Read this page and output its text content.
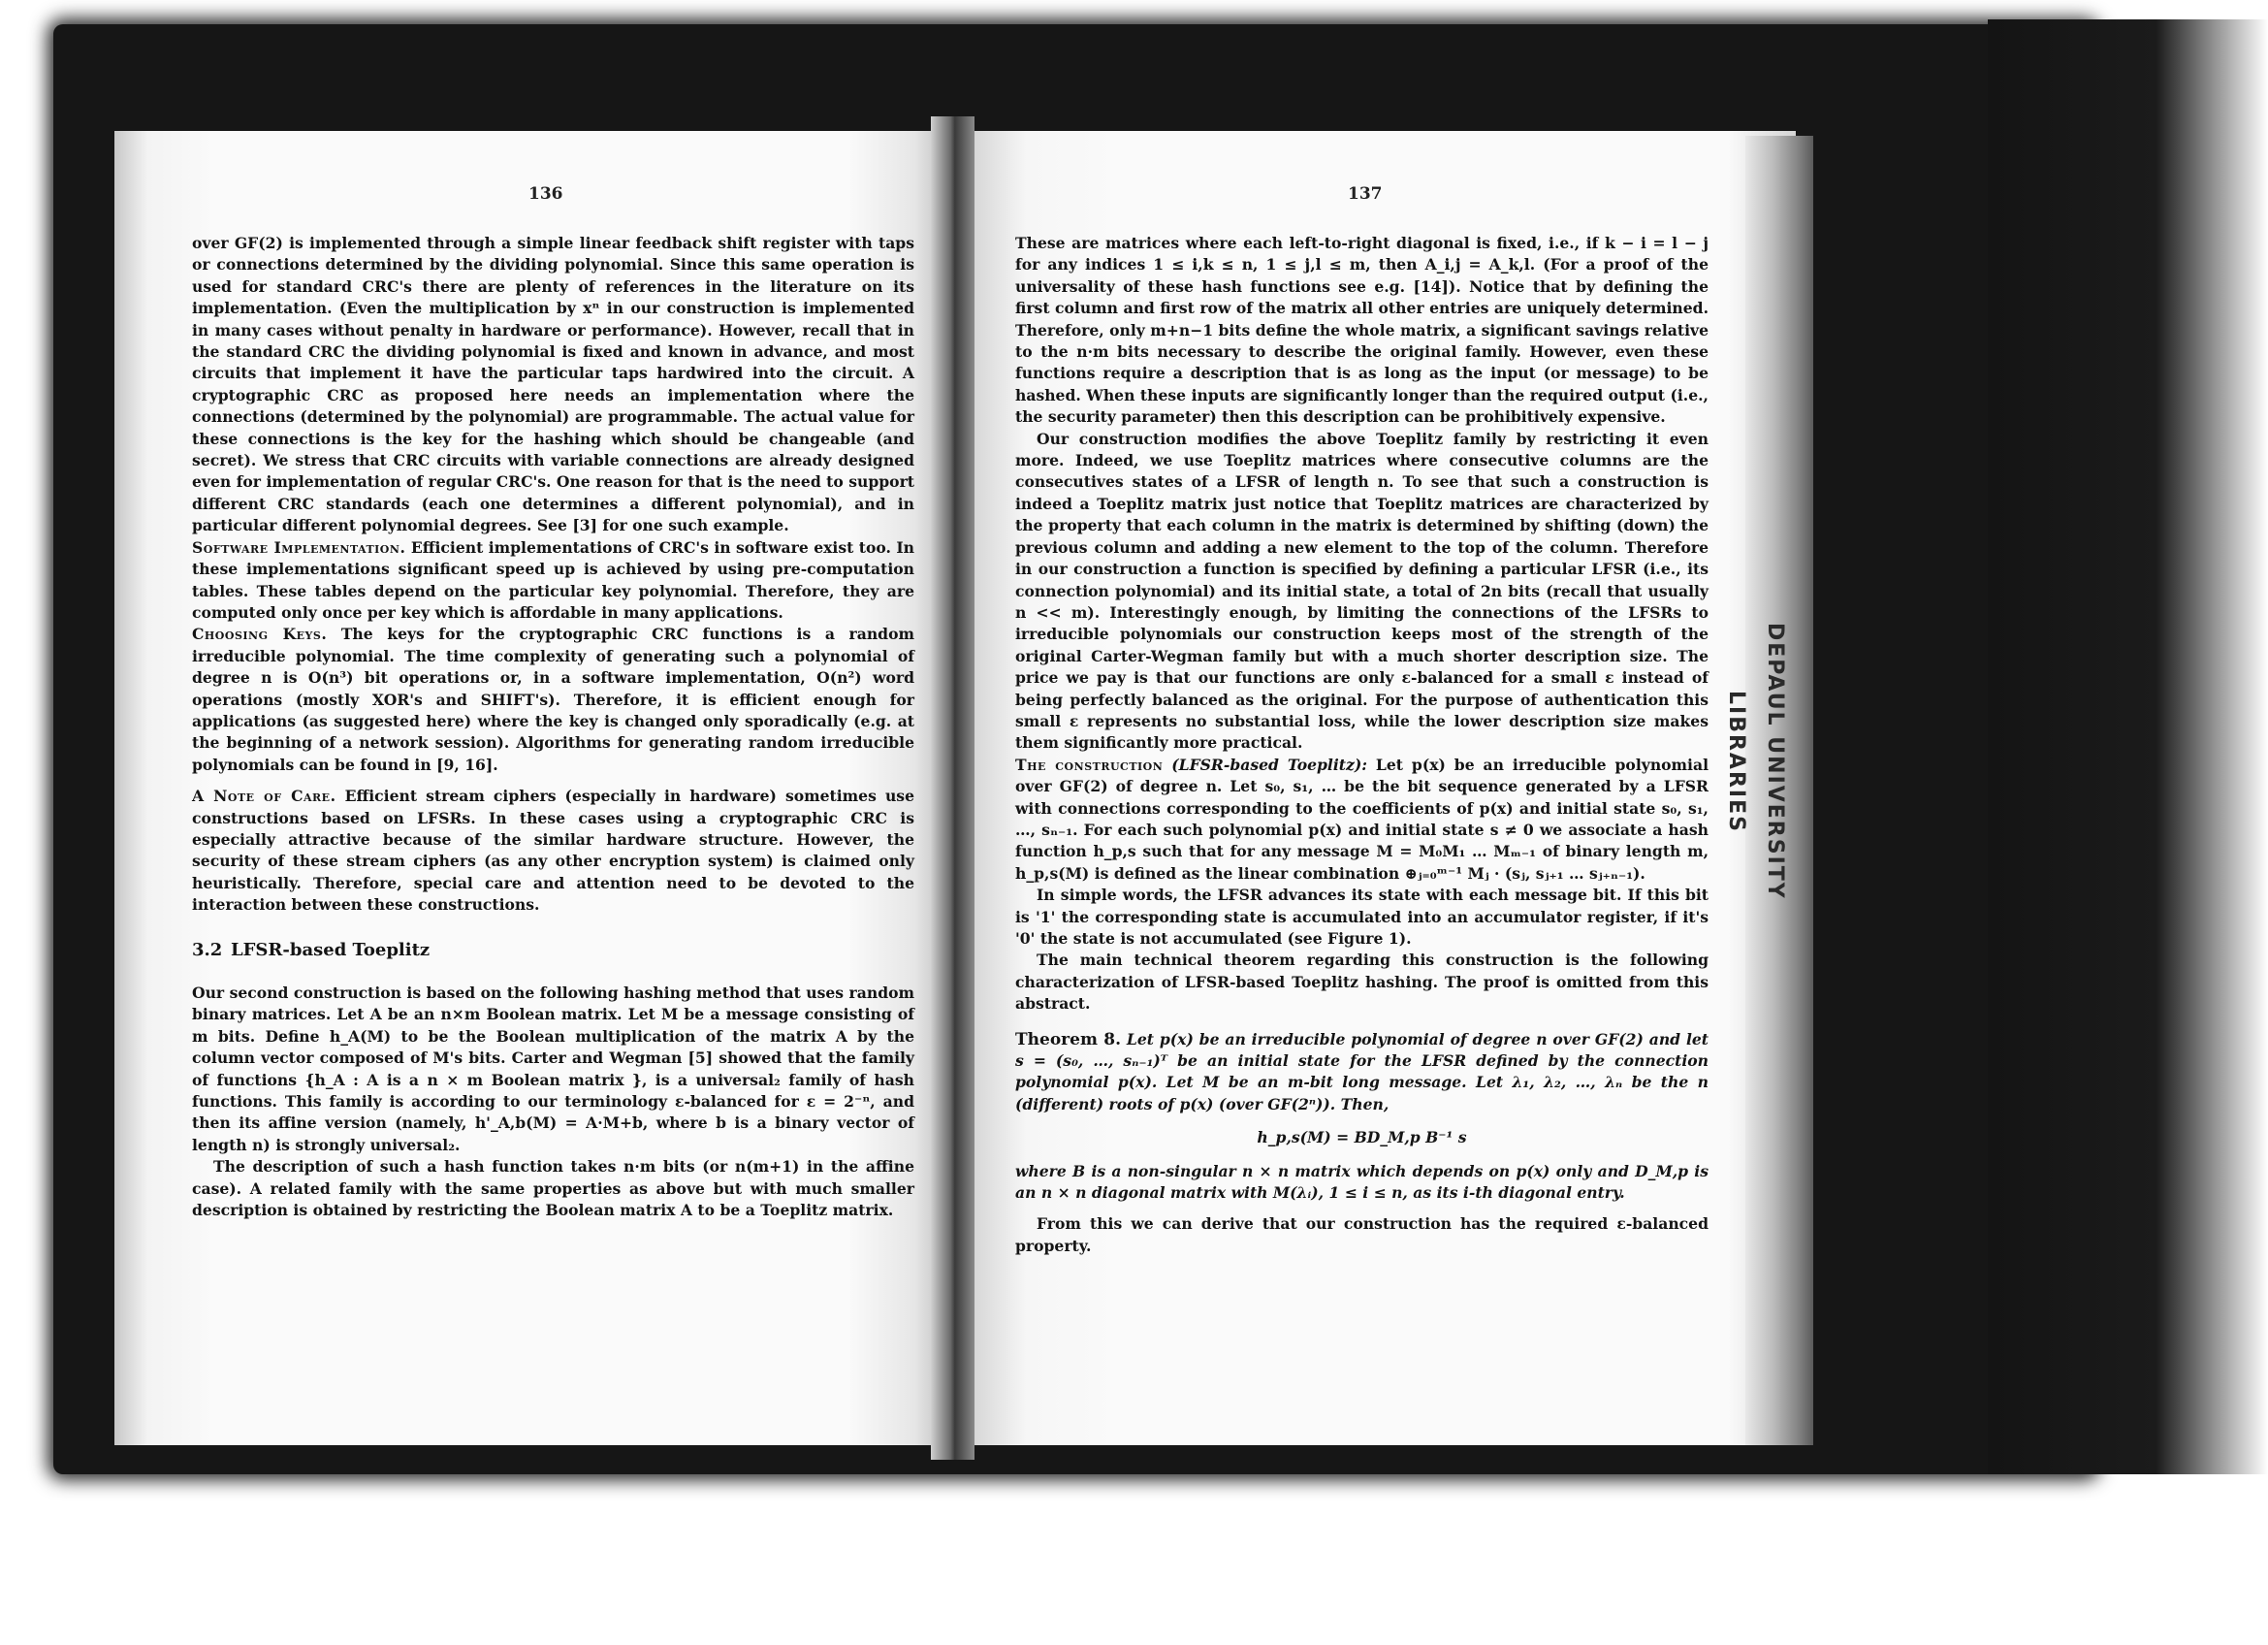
DEPAUL UNIVERSITY LIBRARIES
136

over GF(2) is implemented through a simple linear feedback shift register with taps or connections determined by the dividing polynomial. Since this same operation is used for standard CRC's there are plenty of references in the literature on its implementation. (Even the multiplication by xⁿ in our construction is implemented in many cases without penalty in hardware or performance). However, recall that in the standard CRC the dividing polynomial is fixed and known in advance, and most circuits that implement it have the particular taps hardwired into the circuit. A cryptographic CRC as proposed here needs an implementation where the connections (determined by the polynomial) are programmable. The actual value for these connections is the key for the hashing which should be changeable (and secret). We stress that CRC circuits with variable connections are already designed even for implementation of regular CRC's. One reason for that is the need to support different CRC standards (each one determines a different polynomial), and in particular different polynomial degrees. See [3] for one such example.

Software Implementation. Efficient implementations of CRC's in software exist too. In these implementations significant speed up is achieved by using pre-computation tables. These tables depend on the particular key polynomial. Therefore, they are computed only once per key which is affordable in many applications.

Choosing Keys. The keys for the cryptographic CRC functions is a random irreducible polynomial. The time complexity of generating such a polynomial of degree n is O(n³) bit operations or, in a software implementation, O(n²) word operations (mostly XOR's and SHIFT's). Therefore, it is efficient enough for applications (as suggested here) where the key is changed only sporadically (e.g. at the beginning of a network session). Algorithms for generating random irreducible polynomials can be found in [9, 16].

A Note of Care. Efficient stream ciphers (especially in hardware) sometimes use constructions based on LFSRs. In these cases using a cryptographic CRC is especially attractive because of the similar hardware structure. However, the security of these stream ciphers (as any other encryption system) is claimed only heuristically. Therefore, special care and attention need to be devoted to the interaction between these constructions.

3.2 LFSR-based Toeplitz

Our second construction is based on the following hashing method that uses random binary matrices. Let A be an n×m Boolean matrix. Let M be a message consisting of m bits. Define h_A(M) to be the Boolean multiplication of the matrix A by the column vector composed of M's bits. Carter and Wegman [5] showed that the family of functions {h_A : A is a n × m Boolean matrix }, is a universal₂ family of hash functions. This family is according to our terminology ε-balanced for ε = 2⁻ⁿ, and then its affine version (namely, h'_A,b(M) = A·M+b, where b is a binary vector of length n) is strongly universal₂.

The description of such a hash function takes n·m bits (or n(m+1) in the affine case). A related family with the same properties as above but with much smaller description is obtained by restricting the Boolean matrix A to be a Toeplitz matrix.

137

These are matrices where each left-to-right diagonal is fixed, i.e., if k − i = l − j for any indices 1 ≤ i,k ≤ n, 1 ≤ j,l ≤ m, then A_i,j = A_k,l. (For a proof of the universality of these hash functions see e.g. [14]). Notice that by defining the first column and first row of the matrix all other entries are uniquely determined. Therefore, only m+n−1 bits define the whole matrix, a significant savings relative to the n·m bits necessary to describe the original family. However, even these functions require a description that is as long as the input (or message) to be hashed. When these inputs are significantly longer than the required output (i.e., the security parameter) then this description can be prohibitively expensive.

Our construction modifies the above Toeplitz family by restricting it even more. Indeed, we use Toeplitz matrices where consecutive columns are the consecutives states of a LFSR of length n. To see that such a construction is indeed a Toeplitz matrix just notice that Toeplitz matrices are characterized by the property that each column in the matrix is determined by shifting (down) the previous column and adding a new element to the top of the column. Therefore in our construction a function is specified by defining a particular LFSR (i.e., its connection polynomial) and its initial state, a total of 2n bits (recall that usually n << m). Interestingly enough, by limiting the connections of the LFSRs to irreducible polynomials our construction keeps most of the strength of the original Carter-Wegman family but with a much shorter description size. The price we pay is that our functions are only ε-balanced for a small ε instead of being perfectly balanced as the original. For the purpose of authentication this small ε represents no substantial loss, while the lower description size makes them significantly more practical.

The construction (LFSR-based Toeplitz): Let p(x) be an irreducible polynomial over GF(2) of degree n. Let s₀, s₁, … be the bit sequence generated by a LFSR with connections corresponding to the coefficients of p(x) and initial state s₀, s₁, …, sₙ₋₁. For each such polynomial p(x) and initial state s ≠ 0 we associate a hash function h_p,s such that for any message M = M₀M₁ … Mₘ₋₁ of binary length m, h_p,s(M) is defined as the linear combination ⊕ⱼ₌₀ᵐ⁻¹ Mⱼ · (sⱼ, sⱼ₊₁ … sⱼ₊ₙ₋₁).

In simple words, the LFSR advances its state with each message bit. If this bit is '1' the corresponding state is accumulated into an accumulator register, if it's '0' the state is not accumulated (see Figure 1).

The main technical theorem regarding this construction is the following characterization of LFSR-based Toeplitz hashing. The proof is omitted from this abstract.

Theorem 8. Let p(x) be an irreducible polynomial of degree n over GF(2) and let s = (s₀, …, sₙ₋₁)ᵀ be an initial state for the LFSR defined by the connection polynomial p(x). Let M be an m-bit long message. Let λ₁, λ₂, …, λₙ be the n (different) roots of p(x) (over GF(2ⁿ)). Then,
h_p,s(M) = BD_M,p B⁻¹ s

where B is a non-singular n × n matrix which depends on p(x) only and D_M,p is an n × n diagonal matrix with M(λᵢ), 1 ≤ i ≤ n, as its i-th diagonal entry.

From this we can derive that our construction has the required ε-balanced property.
